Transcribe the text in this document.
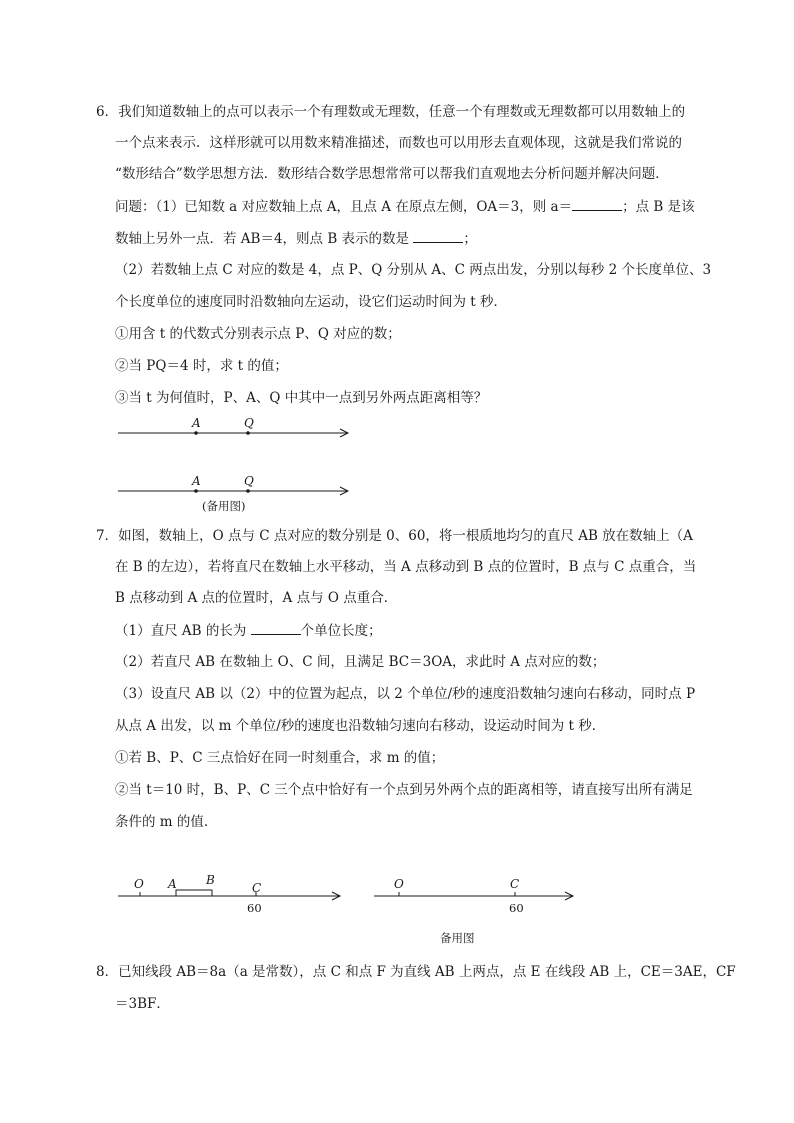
6．我们知道数轴上的点可以表示一个有理数或无理数，任意一个有理数或无理数都可以用数轴上的
一个点来表示．这样形就可以用数来精准描述，而数也可以用形去直观体现，这就是我们常说的
“数形结合”数学思想方法．数形结合数学思想常常可以帮我们直观地去分析问题并解决问题．
问题：（1）已知数 a 对应数轴上点 A，且点 A 在原点左侧，OA＝3，则 a＝	；点 B 是该
数轴上另外一点．若 AB＝4，则点 B 表示的数是	；
（2）若数轴上点 C 对应的数是 4，点 P、Q 分别从 A、C 两点出发，分别以每秒 2 个长度单位、3
个长度单位的速度同时沿数轴向左运动，设它们运动时间为 t 秒．
①用含 t 的代数式分别表示点 P、Q 对应的数；
②当 PQ＝4 时，求 t 的值；
③当 t 为何值时，P、A、Q 中其中一点到另外两点距离相等？
A	Q
A	Q
(备用图)
7．如图，数轴上，O 点与 C 点对应的数分别是 0、60，将一根质地均匀的直尺 AB 放在数轴上（A
在 B 的左边），若将直尺在数轴上水平移动，当 A 点移动到 B 点的位置时，B 点与 C 点重合，当
B 点移动到 A 点的位置时，A 点与 O 点重合．
（1）直尺 AB 的长为	个单位长度；
（2）若直尺 AB 在数轴上 O、C 间，且满足 BC＝3OA，求此时 A 点对应的数；
（3）设直尺 AB 以（2）中的位置为起点，以 2 个单位/秒的速度沿数轴匀速向右移动，同时点 P
从点 A 出发，以 m 个单位/秒的速度也沿数轴匀速向右移动，设运动时间为 t 秒．
①若 B、P、C 三点恰好在同一时刻重合，求 m 的值；
②当 t＝10 时，B、P、C 三个点中恰好有一个点到另外两个点的距离相等，请直接写出所有满足
条件的 m 的值．
O A B
C
60
O	C
60
备用图
8．已知线段 AB＝8a（a 是常数），点 C 和点 F 为直线 AB 上两点，点 E 在线段 AB 上，CE＝3AE，CF
＝3BF．
